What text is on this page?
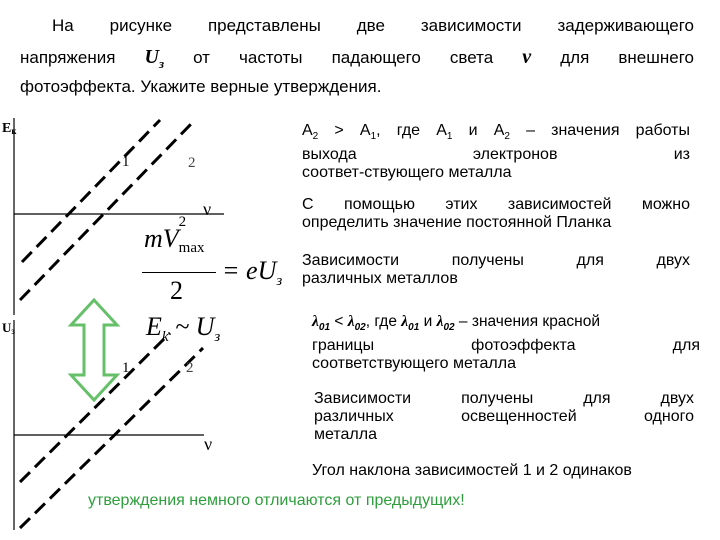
На рисунке представлены две зависимости задерживающего
напряжения $U_з$ от частоты падающего света ν для внешнего
фотоэффекта. Укажите верные утверждения.
Eк
ν
1	2
Uз
ν
1	2
mV
2
max
2
= $eU_з$
$E_k$ ~ $U_з$
$А_2 > А_1$, где $А_1$ и $А_2$ – значения работы
выхода электронов из
соответ-ствующего металла
С помощью этих зависимостей можно
определить значение постоянной Планка
Зависимости получены для двух
различных металлов
$\lambda_{01} < \lambda_{02}$, где $\lambda_{01}$ и $\lambda_{02}$ – значения красной
границы фотоэффекта для
соответствующего металла
Зависимости получены для двух
различных освещенностей одного
металла
Угол наклона зависимостей 1 и 2 одинаков
утверждения немного отличаются от предыдущих!
